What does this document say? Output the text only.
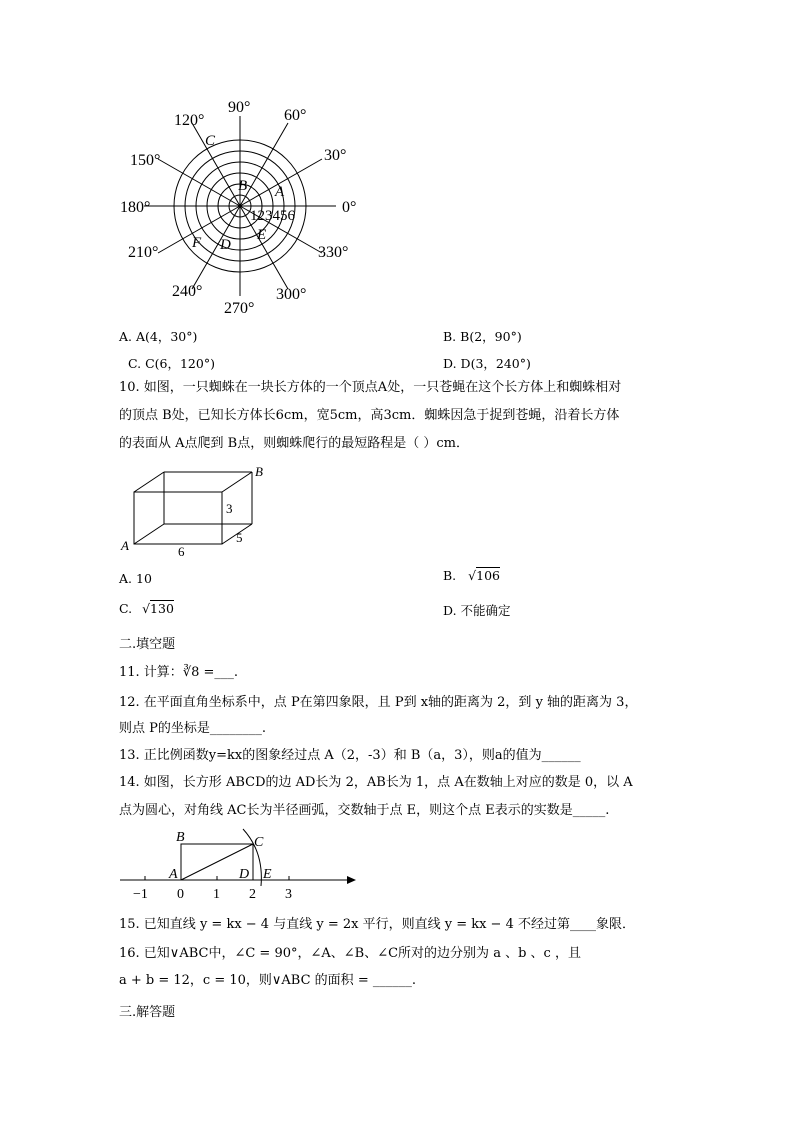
90° 60°
120°
30°
150°
180°	0°
210°	330°
240°	300°
270°
C
B A
F D
E
123456
A. A(4，30°)	B. B(2，90°)
C. C(6，120°)	D. D(3，240°)
10. 如图，一只蜘蛛在一块长方体的一个顶点A处，一只苍蝇在这个长方体上和蜘蛛相对
的顶点 B处，已知长方体长6cm，宽5cm，高3cm．蜘蛛因急于捉到苍蝇，沿着长方体
的表面从 A点爬到 B点，则蜘蛛爬行的最短路程是（ ）cm．
B
A
3
5
6
A. 10	B. √106
C. √130	D. 不能确定
二.填空题
11. 计算：∛8 =___.
12. 在平面直角坐标系中，点 P在第四象限，且 P到 x轴的距离为 2，到 y 轴的距离为 3，
则点 P的坐标是________.
13. 正比例函数y=kx的图象经过点 A（2，-3）和 B（a，3），则a的值为______
14. 如图，长方形 ABCD的边 AD长为 2，AB长为 1，点 A在数轴上对应的数是 0，以 A
点为圆心，对角线 AC长为半径画弧，交数轴于点 E，则这个点 E表示的实数是_____.
B	C
A	D E
−1 0 1 2 3
15. 已知直线 y = kx − 4 与直线 y = 2x 平行，则直线 y = kx − 4 不经过第____象限．
16. 已知∨ABC中，∠C = 90°，∠A、∠B、∠C所对的边分别为 a 、b 、c ，且
a + b = 12，c = 10，则∨ABC 的面积 = ______.
三.解答题
